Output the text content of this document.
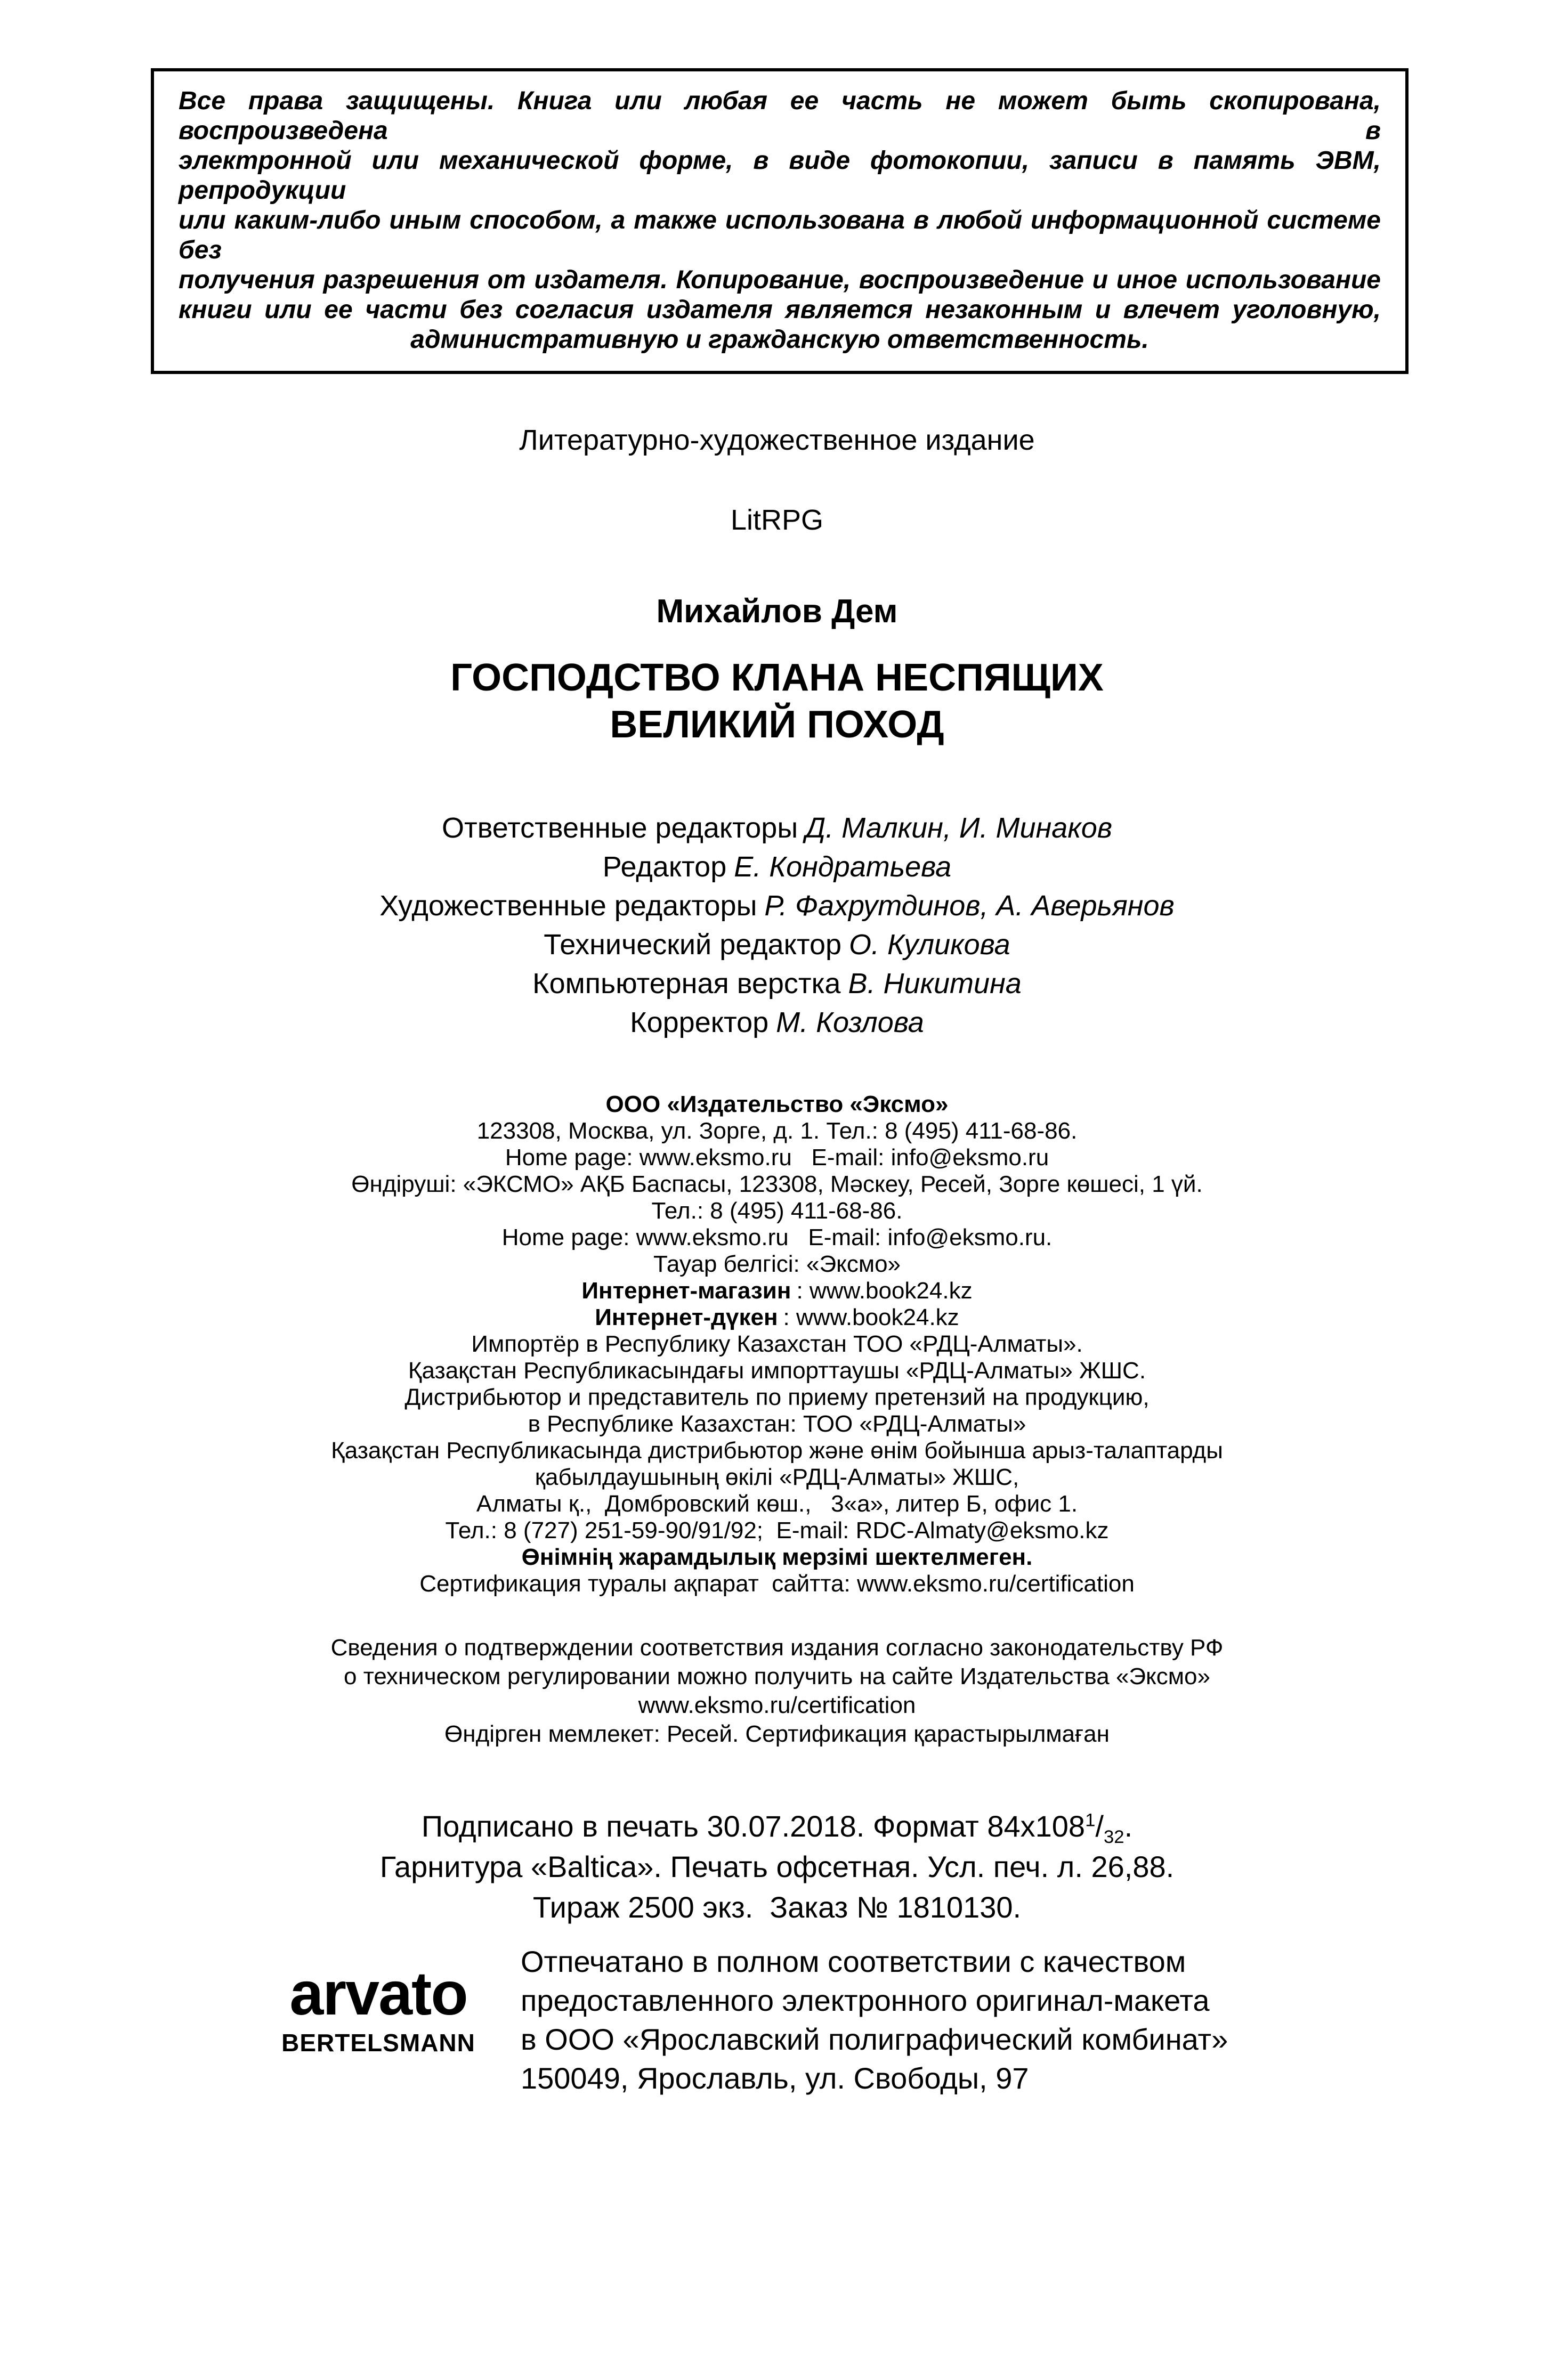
Все права защищены. Книга или любая ее часть не может быть скопирована, воспроизведена в
электронной или механической форме, в виде фотокопии, записи в память ЭВМ, репродукции
или каким-либо иным способом, а также использована в любой информационной системе без
получения разрешения от издателя. Копирование, воспроизведение и иное использование
книги или ее части без согласия издателя является незаконным и влечет уголовную,
административную и гражданскую ответственность.
Литературно-художественное издание
LitRPG
Михайлов Дем
ГОСПОДСТВО КЛАНА НЕСПЯЩИХ
ВЕЛИКИЙ ПОХОД
Ответственные редакторы Д. Малкин, И. Минаков
Редактор Е. Кондратьева
Художественные редакторы Р. Фахрутдинов, А. Аверьянов
Технический редактор О. Куликова
Компьютерная верстка В. Никитина
Корректор М. Козлова
ООО «Издательство «Эксмо»
123308, Москва, ул. Зорге, д. 1. Тел.: 8 (495) 411-68-86.
Home page: www.eksmo.ru   E-mail: info@eksmo.ru
Өндіруші: «ЭКСМО» АҚБ Баспасы, 123308, Мәскеу, Ресей, Зорге көшесі, 1 үй.
Тел.: 8 (495) 411-68-86.
Home page: www.eksmo.ru   E-mail: info@eksmo.ru.
Тауар белгісі: «Эксмо»
Интернет-магазин : www.book24.kz
Интернет-дүкен : www.book24.kz
Импортёр в Республику Казахстан ТОО «РДЦ-Алматы».
Қазақстан Республикасындағы импорттаушы «РДЦ-Алматы» ЖШС.
Дистрибьютор и представитель по приему претензий на продукцию,
в Республике Казахстан: ТОО «РДЦ-Алматы»
Қазақстан Республикасында дистрибьютор және өнім бойынша арыз-талаптарды
қабылдаушының өкілі «РДЦ-Алматы» ЖШС,
Алматы қ.,  Домбровский көш.,   3«а», литер Б, офис 1.
Тел.: 8 (727) 251-59-90/91/92;  E-mail: RDC-Almaty@eksmo.kz
Өнімнің жарамдылық мерзімі шектелмеген.
Сертификация туралы ақпарат  сайтта: www.eksmo.ru/certification
Сведения о подтверждении соответствия издания согласно законодательству РФ
о техническом регулировании можно получить на сайте Издательства «Эксмо»
www.eksmo.ru/certification
Өндірген мемлекет: Ресей. Сертификация қарастырылмаған
Подписано в печать 30.07.2018. Формат $84х108^1/_{32}$.
Гарнитура «Baltica». Печать офсетная. Усл. печ. л. 26,88.
Тираж 2500 экз.  Заказ № 1810130.
arvato
BERTELSMANN
Отпечатано в полном соответствии с качеством
предоставленного электронного оригинал-макета
в ООО «Ярославский полиграфический комбинат»
150049, Ярославль, ул. Свободы, 97
